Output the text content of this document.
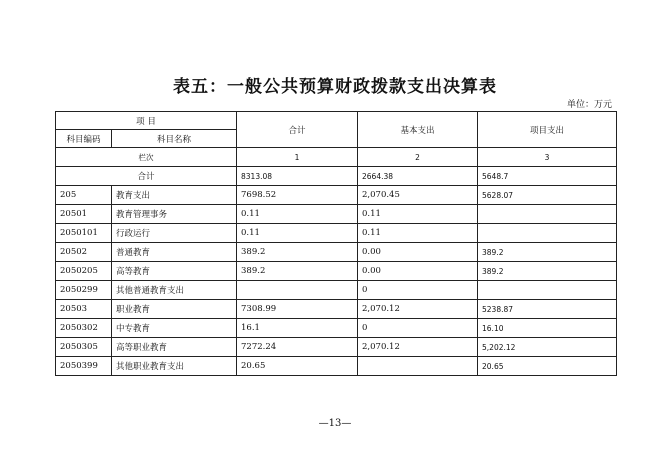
表五：一般公共预算财政拨款支出决算表
单位：万元
项 目		合计	基本支出	项目支出
科目编码	科目名称			
栏次		1	2	3
合计		8313.08	2664.38	5648.7
205	教育支出	7698.52	2,070.45	5628.07
20501	教育管理事务	0.11	0.11	
2050101	行政运行	0.11	0.11	
20502	普通教育	389.2	0.00	389.2
2050205	高等教育	389.2	0.00	389.2
2050299	其他普通教育支出		0	
20503	职业教育	7308.99	2,070.12	5238.87
2050302	中专教育	16.1	0	16.10
2050305	高等职业教育	7272.24	2,070.12	5,202.12
2050399	其他职业教育支出	20.65		20.65
—13—
